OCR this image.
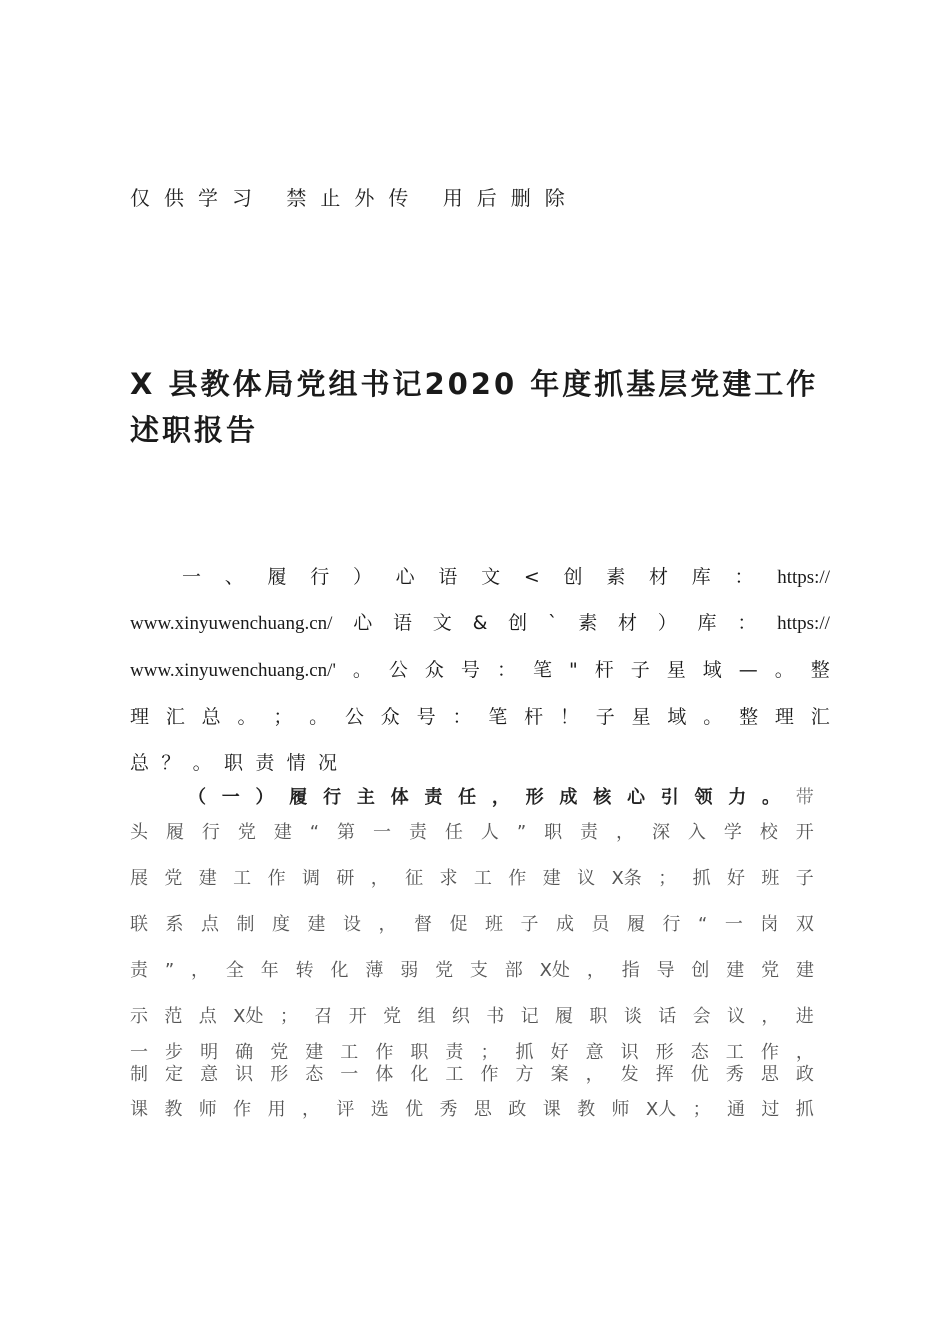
仅供学习 禁止外传 用后删除
X 县教体局党组书记2020 年度抓基层党建工作
述职报告
一 、 履 行 ） 心 语 文 < 创 素 材 库 ： https://
www.xinyuwenchuang.cn/ 心 语 文 & 创 ` 素 材 ） 库 ： https://
www.xinyuwenchuang.cn/' 。 公 众 号 ： 笔 " 杆 子 星 域 — 。 整
理 汇 总 。 ； 。 公 众 号 ： 笔 杆 ！ 子 星 域 。 整 理 汇
总 ？ 。 职 责 情 况
（ 一 ） 履 行 主 体 责 任 ， 形 成 核 心 引 领 力 。 带
头 履 行 党 建 “ 第 一 责 任 人 ” 职 责 ， 深 入 学 校 开
展 党 建 工 作 调 研 ， 征 求 工 作 建 议 X条 ； 抓 好 班 子
联 系 点 制 度 建 设 ， 督 促 班 子 成 员 履 行 “ 一 岗 双
责 ” ， 全 年 转 化 薄 弱 党 支 部 X处 ， 指 导 创 建 党 建
示 范 点 X处 ； 召 开 党 组 织 书 记 履 职 谈 话 会 议 ， 进
一 步 明 确 党 建 工 作 职 责 ； 抓 好 意 识 形 态 工 作 ，
制 定 意 识 形 态 一 体 化 工 作 方 案 ， 发 挥 优 秀 思 政
课 教 师 作 用 ， 评 选 优 秀 思 政 课 教 师 X人 ； 通 过 抓
